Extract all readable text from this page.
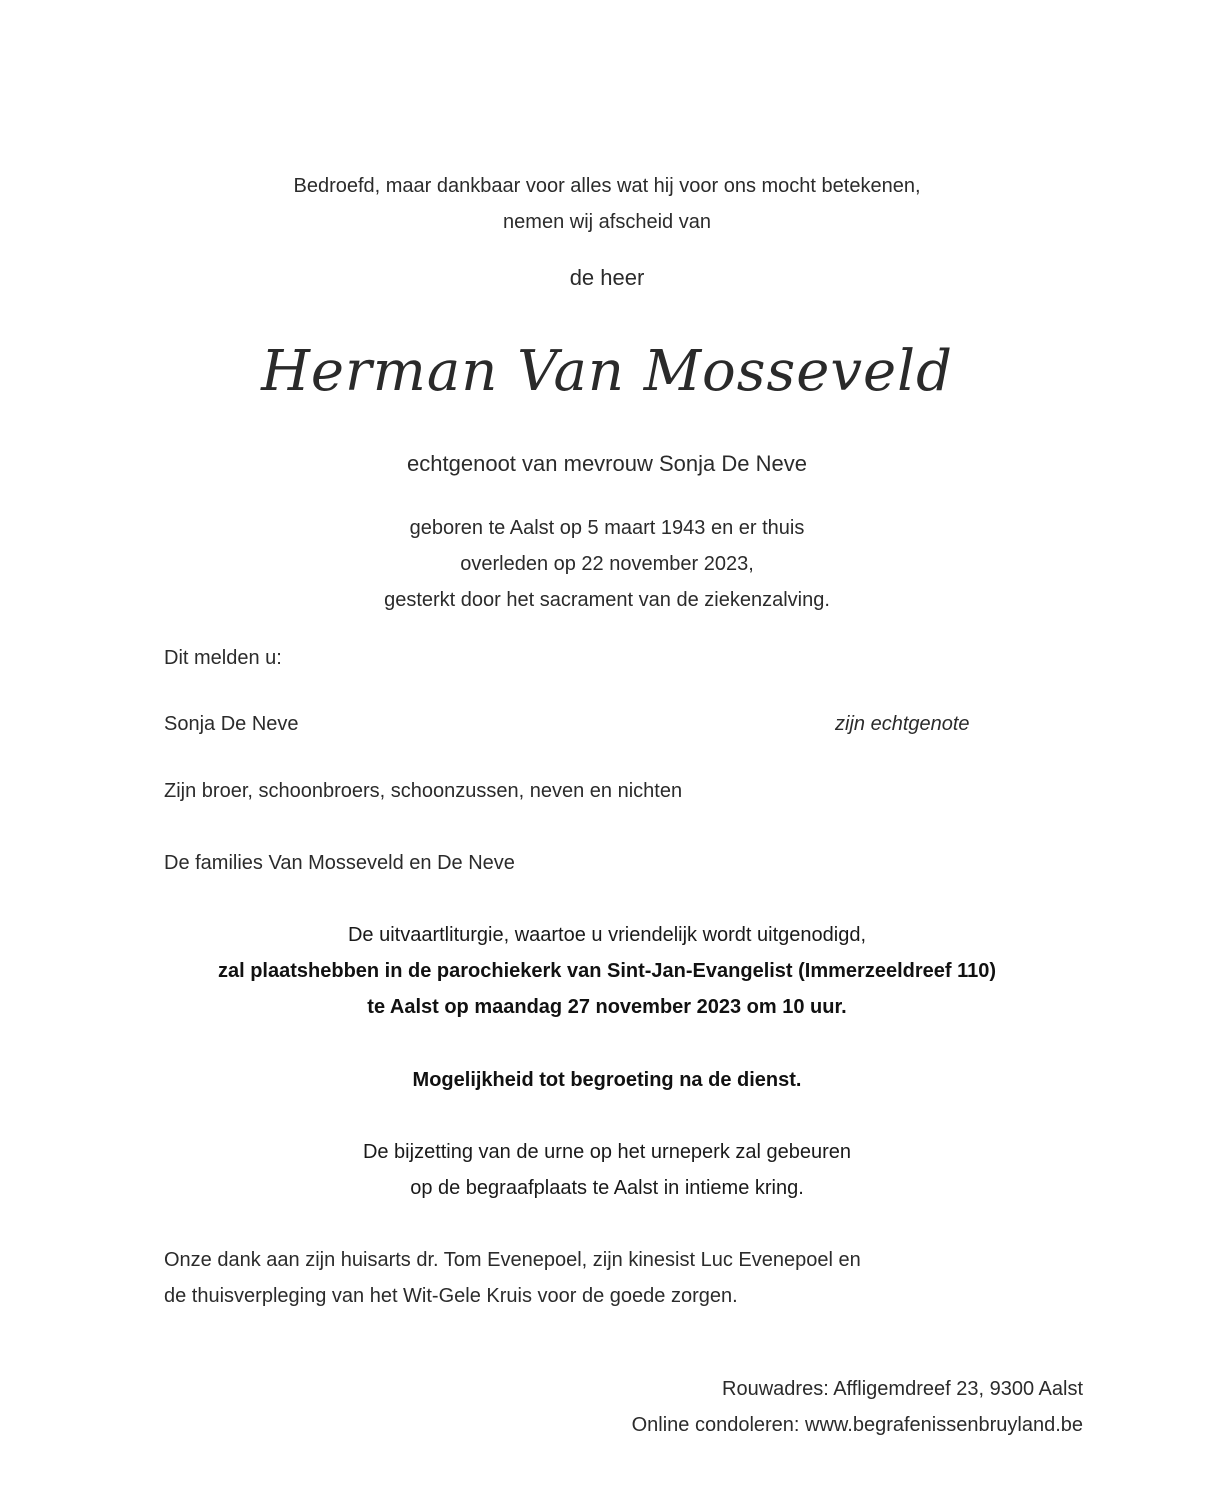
Bedroefd, maar dankbaar voor alles wat hij voor ons mocht betekenen,
nemen wij afscheid van
de heer
Herman Van Mosseveld
echtgenoot van mevrouw Sonja De Neve
geboren te Aalst op 5 maart 1943 en er thuis
overleden op 22 november 2023,
gesterkt door het sacrament van de ziekenzalving.
Dit melden u:
Sonja De Neve	zijn echtgenote
Zijn broer, schoonbroers, schoonzussen, neven en nichten
De families Van Mosseveld en De Neve
De uitvaartliturgie, waartoe u vriendelijk wordt uitgenodigd,
zal plaatshebben in de parochiekerk van Sint-Jan-Evangelist (Immerzeeldreef 110)
te Aalst op maandag 27 november 2023 om 10 uur.
Mogelijkheid tot begroeting na de dienst.
De bijzetting van de urne op het urneperk zal gebeuren
op de begraafplaats te Aalst in intieme kring.
Onze dank aan zijn huisarts dr. Tom Evenepoel, zijn kinesist Luc Evenepoel en
de thuisverpleging van het Wit-Gele Kruis voor de goede zorgen.
Rouwadres: Affligemdreef 23, 9300 Aalst
Online condoleren: www.begrafenissenbruyland.be
